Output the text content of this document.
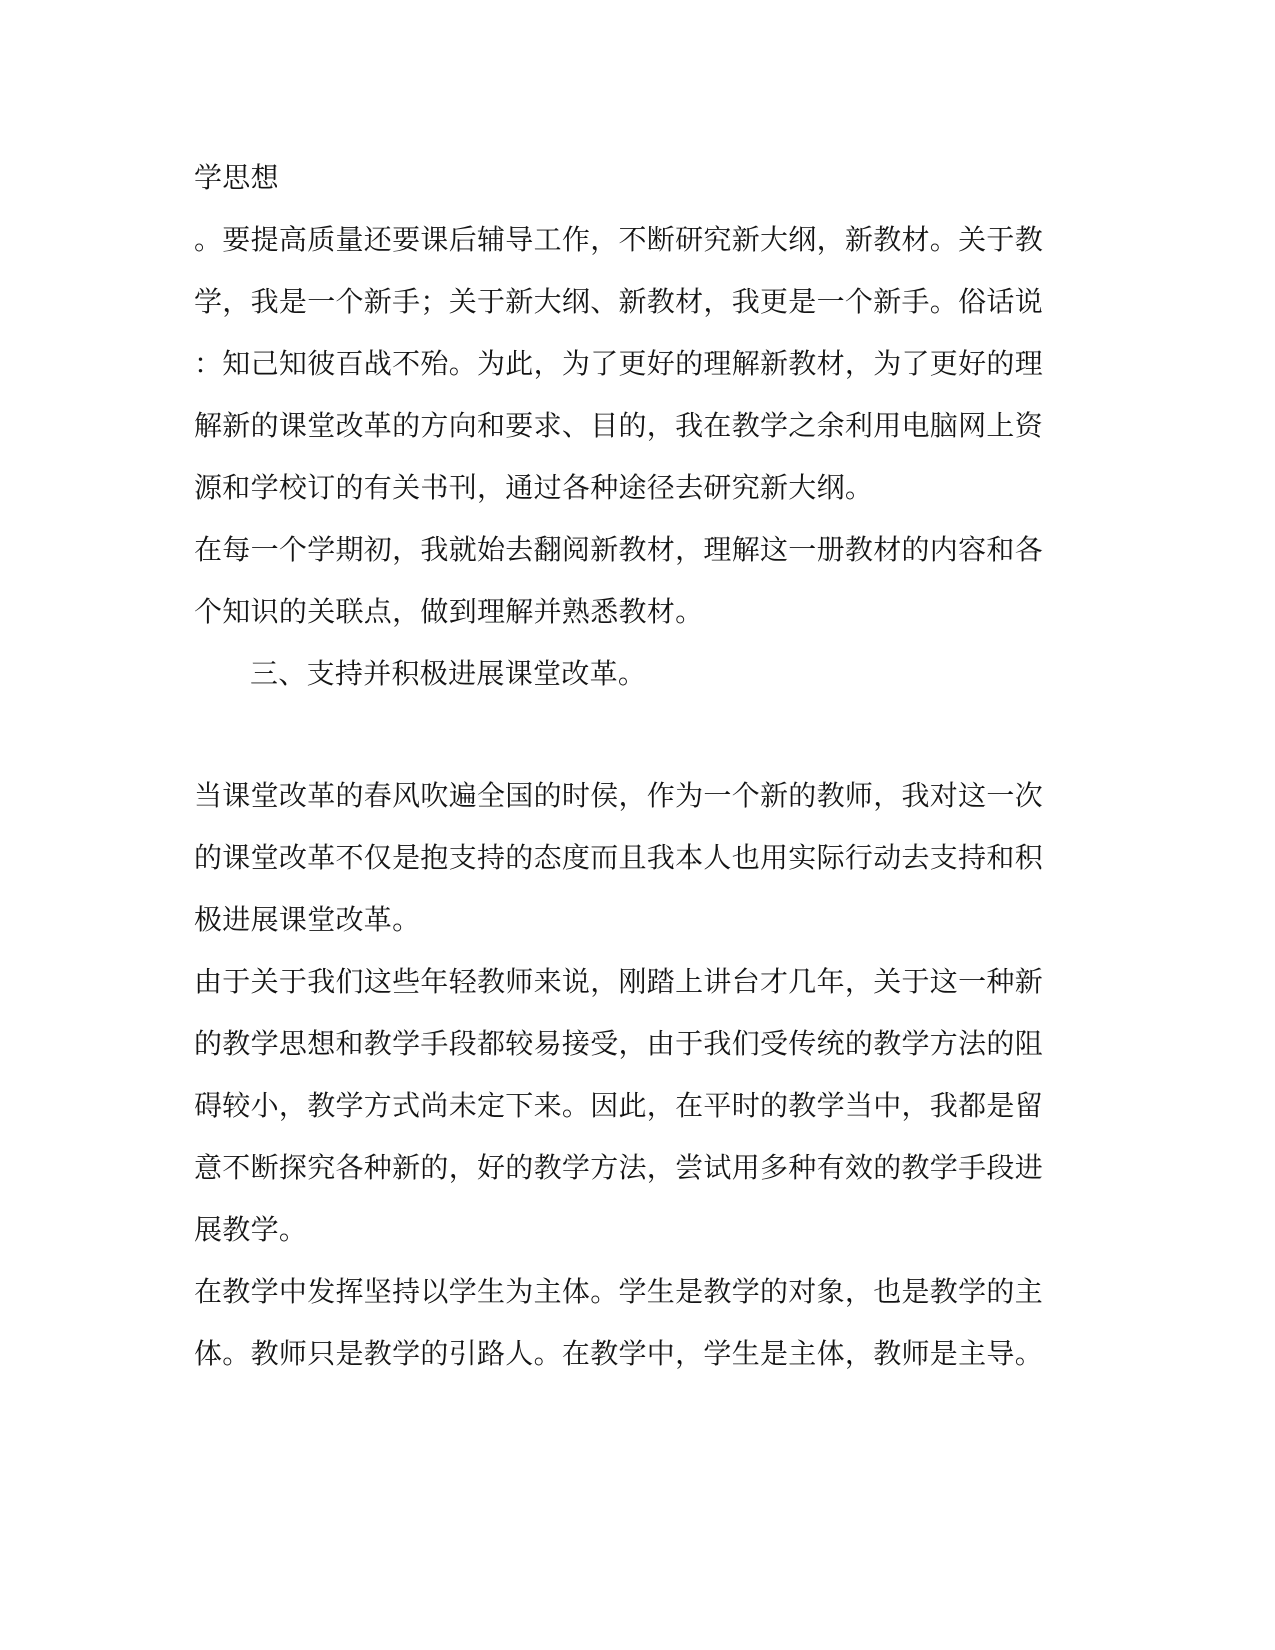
学思想

。要提高质量还要课后辅导工作，不断研究新大纲，新教材。关于教

学，我是一个新手；关于新大纲、新教材，我更是一个新手。俗话说

：知己知彼百战不殆。为此，为了更好的理解新教材，为了更好的理

解新的课堂改革的方向和要求、目的，我在教学之余利用电脑网上资

源和学校订的有关书刊，通过各种途径去研究新大纲。

在每一个学期初，我就始去翻阅新教材，理解这一册教材的内容和各

个知识的关联点，做到理解并熟悉教材。

三、支持并积极进展课堂改革。

当课堂改革的春风吹遍全国的时侯，作为一个新的教师，我对这一次

的课堂改革不仅是抱支持的态度而且我本人也用实际行动去支持和积

极进展课堂改革。

由于关于我们这些年轻教师来说，刚踏上讲台才几年，关于这一种新

的教学思想和教学手段都较易接受，由于我们受传统的教学方法的阻

碍较小，教学方式尚未定下来。因此，在平时的教学当中，我都是留

意不断探究各种新的，好的教学方法，尝试用多种有效的教学手段进

展教学。

在教学中发挥坚持以学生为主体。学生是教学的对象，也是教学的主

体。教师只是教学的引路人。在教学中，学生是主体，教师是主导。
